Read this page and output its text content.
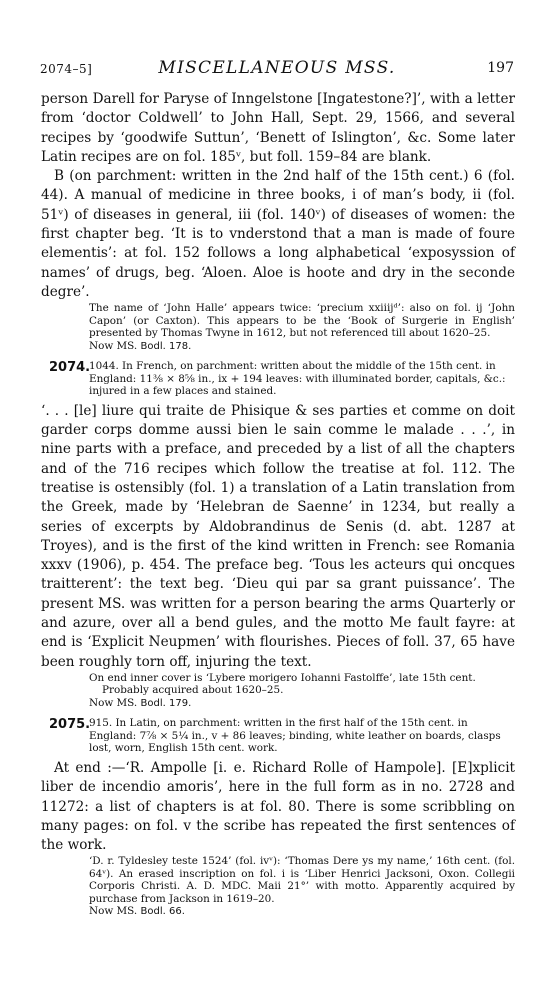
2074–5]	MISCELLANEOUS MSS.	197

person Darell for Paryse of Inngelstone [Ingatestone?]’, with a letter from ‘doctor Coldwell’ to John Hall, Sept. 29, 1566, and several recipes by ‘goodwife Suttun’, ‘Benett of Islington’, &c. Some later Latin recipes are on fol. 185ᵛ, but foll. 159–84 are blank.

B (on parchment: written in the 2nd half of the 15th cent.) 6 (fol. 44). A manual of medicine in three books, i of man’s body, ii (fol. 51ᵛ) of diseases in general, iii (fol. 140ᵛ) of diseases of women: the first chapter beg. ‘It is to vnderstond that a man is made of foure elementis’: at fol. 152 follows a long alphabetical ‘exposyssion of names’ of drugs, beg. ‘Aloen. Aloe is hoote and dry in the seconde degre’.

The name of ‘John Halle’ appears twice: ‘precium xxiiijᵈ’: also on fol. ij ‘John Capon’ (or Caxton). This appears to be the ‘Book of Surgerie in English’ presented by Thomas Twyne in 1612, but not referenced till about 1620–25.

Now MS. Bodl. 178.

2074.

1044. In French, on parchment: written about the middle of the 15th cent. in England: 11⅜ × 8⅝ in., ix + 194 leaves: with illuminated border, capitals, &c.: injured in a few places and stained.

‘. . . [le] liure qui traite de Phisique & ses parties et comme on doit garder corps domme aussi bien le sain comme le malade . . .’, in nine parts with a preface, and preceded by a list of all the chapters and of the 716 recipes which follow the treatise at fol. 112. The treatise is ostensibly (fol. 1) a translation of a Latin translation from the Greek, made by ‘Helebran de Saenne’ in 1234, but really a series of excerpts by Aldobrandinus de Senis (d. abt. 1287 at Troyes), and is the first of the kind written in French: see Romania xxxv (1906), p. 454. The preface beg. ‘Tous les acteurs qui oncques traitterent’: the text beg. ‘Dieu qui par sa grant puissance’. The present MS. was written for a person bearing the arms Quarterly or and azure, over all a bend gules, and the motto Me fault fayre: at end is ‘Explicit Neupmen’ with flourishes. Pieces of foll. 37, 65 have been roughly torn off, injuring the text.

On end inner cover is ‘Lybere morigero Iohanni Fastolffe’, late 15th cent.

Probably acquired about 1620–25.

Now MS. Bodl. 179.

2075.

915. In Latin, on parchment: written in the first half of the 15th cent. in England: 7⅞ × 5¼ in., v + 86 leaves; binding, white leather on boards, clasps lost, worn, English 15th cent. work.

At end :—‘R. Ampolle [i. e. Richard Rolle of Hampole]. [E]xplicit liber de incendio amoris’, here in the full form as in no. 2728 and 11272: a list of chapters is at fol. 80. There is some scribbling on many pages: on fol. v the scribe has repeated the first sentences of the work.

‘D. r. Tyldesley teste 1524’ (fol. ivᵛ): ‘Thomas Dere ys my name,’ 16th cent. (fol. 64ᵛ). An erased inscription on fol. i is ‘Liber Henrici Jacksoni, Oxon. Collegii Corporis Christi. A. D. MDC. Maii 21°’ with motto. Apparently acquired by purchase from Jackson in 1619–20.

Now MS. Bodl. 66.
